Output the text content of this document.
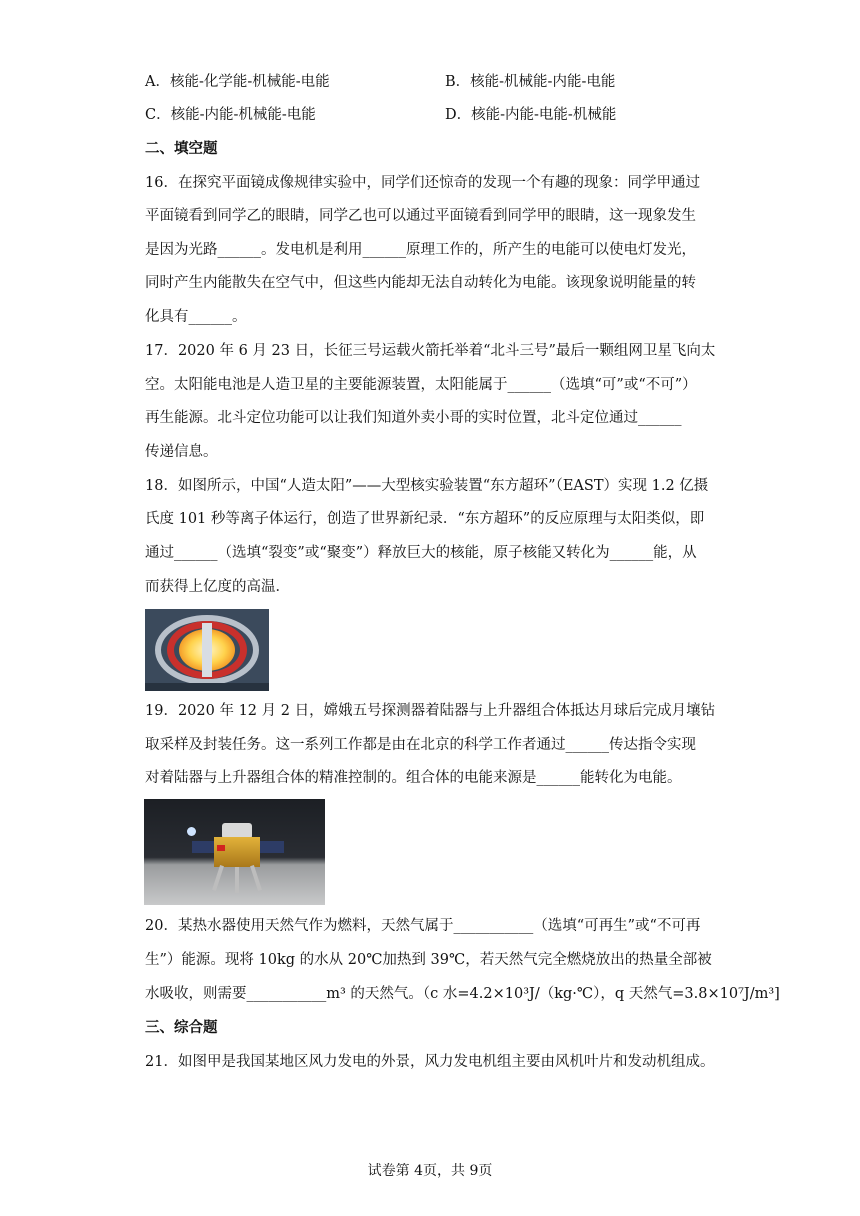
A．核能-化学能-机械能-电能	B．核能-机械能-内能-电能
C．核能-内能-机械能-电能	D．核能-内能-电能-机械能
二、填空题
16．在探究平面镜成像规律实验中，同学们还惊奇的发现一个有趣的现象：同学甲通过
平面镜看到同学乙的眼睛，同学乙也可以通过平面镜看到同学甲的眼睛，这一现象发生
是因为光路______。发电机是利用______原理工作的，所产生的电能可以使电灯发光，
同时产生内能散失在空气中，但这些内能却无法自动转化为电能。该现象说明能量的转
化具有______。
17．2020 年 6 月 23 日，长征三号运载火箭托举着“北斗三号”最后一颗组网卫星飞向太
空。太阳能电池是人造卫星的主要能源装置，太阳能属于______（选填“可”或“不可”）
再生能源。北斗定位功能可以让我们知道外卖小哥的实时位置，北斗定位通过______
传递信息。
18．如图所示，中国“人造太阳”——大型核实验装置“东方超环”（EAST）实现 1.2 亿摄
氏度 101 秒等离子体运行，创造了世界新纪录．“东方超环”的反应原理与太阳类似，即
通过______（选填“裂变”或“聚变”）释放巨大的核能，原子核能又转化为______能，从
而获得上亿度的高温．
19．2020 年 12 月 2 日，嫦娥五号探测器着陆器与上升器组合体抵达月球后完成月壤钻
取采样及封装任务。这一系列工作都是由在北京的科学工作者通过______传达指令实现
对着陆器与上升器组合体的精准控制的。组合体的电能来源是______能转化为电能。
20．某热水器使用天然气作为燃料，天然气属于___________（选填“可再生”或“不可再
生”）能源。现将 10kg 的水从 20℃加热到 39℃，若天然气完全燃烧放出的热量全部被
水吸收，则需要___________m³ 的天然气。（c 水=4.2×10³J/（kg·℃），q 天然气=3.8×10⁷J/m³]
三、综合题
21．如图甲是我国某地区风力发电的外景，风力发电机组主要由风机叶片和发动机组成。
试卷第 4页，共 9页
